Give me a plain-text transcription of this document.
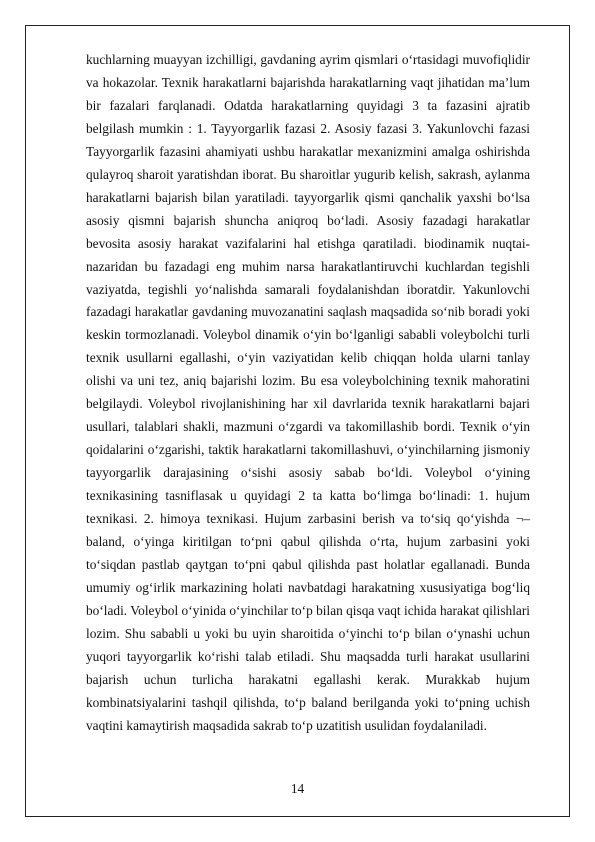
kuchlarning muayyan izchilligi, gavdaning ayrim qismlari o‘rtasidagi muvofiqlidir va hokazolar. Texnik harakatlarni bajarishda harakatlarning vaqt jihatidan ma’lum bir fazalari farqlanadi. Odatda harakatlarning quyidagi 3 ta fazasini ajratib belgilash mumkin : 1. Tayyorgarlik fazasi 2. Asosiy fazasi 3. Yakunlovchi fazasi Tayyorgarlik fazasini ahamiyati ushbu harakatlar mexanizmini amalga oshirishda qulayroq sharoit yaratishdan iborat. Bu sharoitlar yugurib kelish, sakrash, aylanma harakatlarni bajarish bilan yaratiladi. tayyorgarlik qismi qanchalik yaxshi bo‘lsa asosiy qismni bajarish shuncha aniqroq bo‘ladi. Asosiy fazadagi harakatlar bevosita asosiy harakat vazifalarini hal etishga qaratiladi. biodinamik nuqtai-nazaridan bu fazadagi eng muhim narsa harakatlantiruvchi kuchlardan tegishli vaziyatda, tegishli yo‘nalishda samarali foydalanishdan iboratdir. Yakunlovchi fazadagi harakatlar gavdaning muvozanatini saqlash maqsadida so‘nib boradi yoki keskin tormozlanadi. Voleybol dinamik o‘yin bo‘lganligi sababli voleybolchi turli texnik usullarni egallashi, o‘yin vaziyatidan kelib chiqqan holda ularni tanlay olishi va uni tez, aniq bajarishi lozim. Bu esa voleybolchining texnik mahoratini belgilaydi. Voleybol rivojlanishining har xil davrlarida texnik harakatlarni bajari usullari, talablari shakli, mazmuni o‘zgardi va takomillashib bordi. Texnik o‘yin qoidalarini o‘zgarishi, taktik harakatlarni takomillashuvi, o‘yinchilarning jismoniy tayyorgarlik darajasining o‘sishi asosiy sabab bo‘ldi. Voleybol o‘yining texnikasining tasniflasak u quyidagi 2 ta katta bo‘limga bo‘linadi: 1. hujum texnikasi. 2. himoya texnikasi. Hujum zarbasini berish va to‘siq qo‘yishda ¬– baland, o‘yinga kiritilgan to‘pni qabul qilishda o‘rta, hujum zarbasini yoki to‘siqdan pastlab qaytgan to‘pni qabul qilishda past holatlar egallanadi. Bunda umumiy og‘irlik markazining holati navbatdagi harakatning xususiyatiga bog‘liq bo‘ladi. Voleybol o‘yinida o‘yinchilar to‘p bilan qisqa vaqt ichida harakat qilishlari lozim. Shu sababli u yoki bu uyin sharoitida o‘yinchi to‘p bilan o‘ynashi uchun yuqori tayyorgarlik ko‘rishi talab etiladi. Shu maqsadda turli harakat usullarini bajarish uchun turlicha harakatni egallashi kerak. Murakkab hujum kombinatsiyalarini tashqil qilishda, to‘p baland berilganda yoki to‘pning uchish vaqtini kamaytirish maqsadida sakrab to‘p uzatitish usulidan foydalaniladi.

14
